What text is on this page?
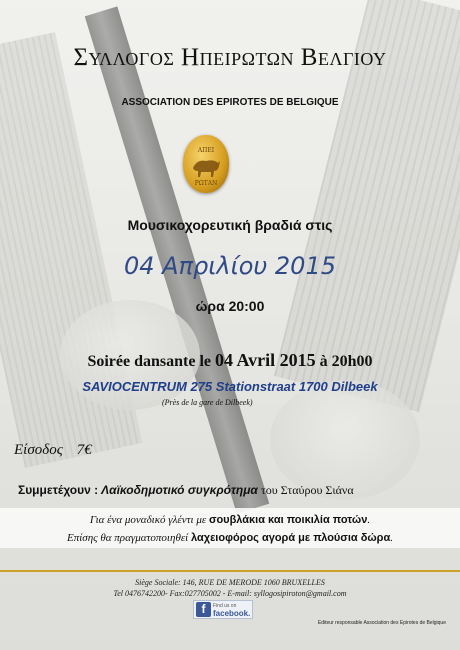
Συλλογος Ηπειρωτων Βελγιου
ASSOCIATION DES EPIROTES DE BELGIQUE
ΑΠΕΙ
ΡΩΤΑΝ
Μουσικοχορευτική βραδιά στις
04 Απριλίου 2015
ώρα 20:00
Soirée dansante le 04 Avril 2015 à 20h00
SAVIOCENTRUM 275 Stationstraat 1700 Dilbeek
(Près de la gare de Dilbeek)
Είσοδος 7€
Συμμετέχουν : Λαϊκοδημοτικό συγκρότημα του Σταύρου Σιάνα
Για ένα μοναδικό γλέντι με σουβλάκια και ποικιλία ποτών.
Επίσης θα πραγματοποιηθεί λαχειοφόρος αγορά με πλούσια δώρα.
Siège Sociale: 146, RUE DE MERODE 1060 BRUXELLES
Tel 0476742200- Fax:027705002 - E-mail: syllogosipiroton@gmail.com
f	Find us on
facebook.
Editeur responsable Association des Epirotes de Belgique
